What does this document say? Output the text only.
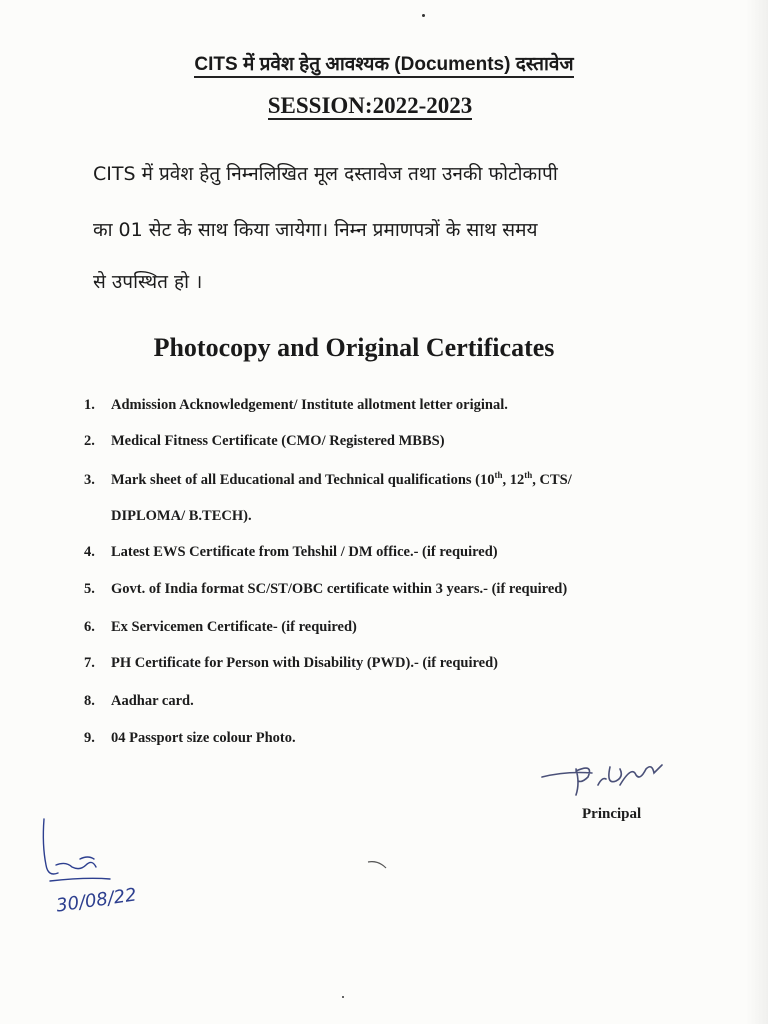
CITS में प्रवेश हेतु आवश्यक (Documents) दस्तावेज
SESSION:2022-2023
CITS में प्रवेश हेतु निम्नलिखित मूल दस्तावेज तथा उनकी फोटोकापी
का 01 सेट के साथ किया जायेगा। निम्न प्रमाणपत्रों के साथ समय
से उपस्थित हो ।
Photocopy and Original Certificates
1. Admission Acknowledgement/ Institute allotment letter original.
2. Medical Fitness Certificate (CMO/ Registered MBBS)
3. Mark sheet of all Educational and Technical qualifications (10th, 12th, CTS/
DIPLOMA/ B.TECH).
4. Latest EWS Certificate from Tehshil / DM office.- (if required)
5. Govt. of India format SC/ST/OBC certificate within 3 years.- (if required)
6. Ex Servicemen Certificate- (if required)
7. PH Certificate for Person with Disability (PWD).- (if required)
8. Aadhar card.
9. 04 Passport size colour Photo.
Principal
30/08/22
